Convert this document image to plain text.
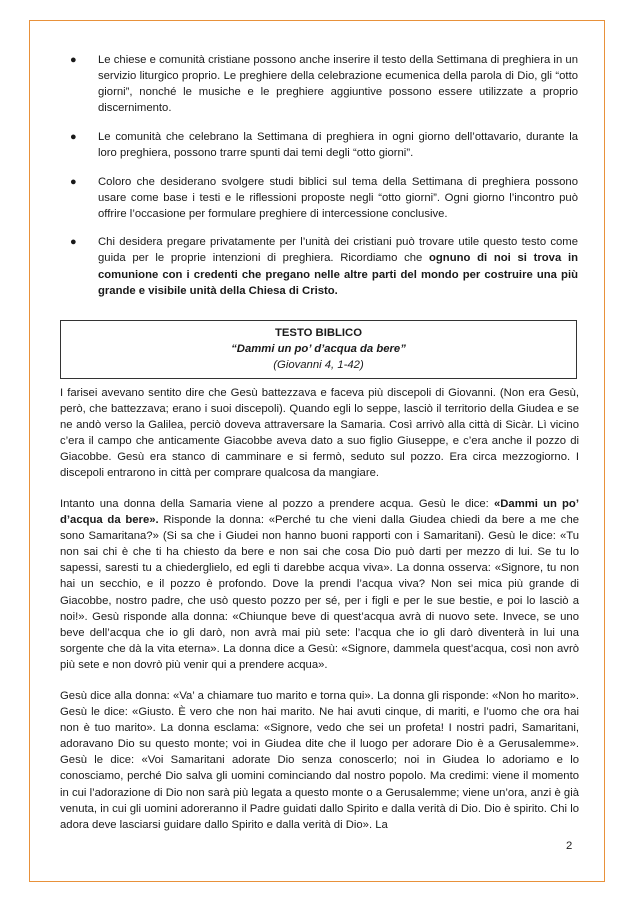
● Le chiese e comunità cristiane possono anche inserire il testo della Settimana di preghiera in un servizio liturgico proprio. Le preghiere della celebrazione ecumenica della parola di Dio, gli “otto giorni”, nonché le musiche e le preghiere aggiuntive possono essere utilizzate a proprio discernimento.
● Le comunità che celebrano la Settimana di preghiera in ogni giorno dell’ottavario, durante la loro preghiera, possono trarre spunti dai temi degli “otto giorni”.
● Coloro che desiderano svolgere studi biblici sul tema della Settimana di preghiera possono usare come base i testi e le riflessioni proposte negli “otto giorni”. Ogni giorno l’incontro può offrire l’occasione per formulare preghiere di intercessione conclusive.
● Chi desidera pregare privatamente per l’unità dei cristiani può trovare utile questo testo come guida per le proprie intenzioni di preghiera. Ricordiamo che ognuno di noi si trova in comunione con i credenti che pregano nelle altre parti del mondo per costruire una più grande e visibile unità della Chiesa di Cristo.
TESTO BIBLICO
“Dammi un po’ d’acqua da bere”
(Giovanni 4, 1-42)

I farisei avevano sentito dire che Gesù battezzava e faceva più discepoli di Giovanni. (Non era Gesù, però, che battezzava; erano i suoi discepoli). Quando egli lo seppe, lasciò il territorio della Giudea e se ne andò verso la Galilea, perciò doveva attraversare la Samaria. Così arrivò alla città di Sicàr. Lì vicino c’era il campo che anticamente Giacobbe aveva dato a suo figlio Giuseppe, e c’era anche il pozzo di Giacobbe. Gesù era stanco di camminare e si fermò, seduto sul pozzo. Era circa mezzogiorno. I discepoli entrarono in città per comprare qualcosa da mangiare.

Intanto una donna della Samaria viene al pozzo a prendere acqua. Gesù le dice: «Dammi un po’ d’acqua da bere». Risponde la donna: «Perché tu che vieni dalla Giudea chiedi da bere a me che sono Samaritana?» (Si sa che i Giudei non hanno buoni rapporti con i Samaritani). Gesù le dice: «Tu non sai chi è che ti ha chiesto da bere e non sai che cosa Dio può darti per mezzo di lui. Se tu lo sapessi, saresti tu a chiederglielo, ed egli ti darebbe acqua viva». La donna osserva: «Signore, tu non hai un secchio, e il pozzo è profondo. Dove la prendi l’acqua viva? Non sei mica più grande di Giacobbe, nostro padre, che usò questo pozzo per sé, per i figli e per le sue bestie, e poi lo lasciò a noi!». Gesù risponde alla donna: «Chiunque beve di quest’acqua avrà di nuovo sete. Invece, se uno beve dell’acqua che io gli darò, non avrà mai più sete: l’acqua che io gli darò diventerà in lui una sorgente che dà la vita eterna». La donna dice a Gesù: «Signore, dammela quest’acqua, così non avrò più sete e non dovrò più venir qui a prendere acqua».

Gesù dice alla donna: «Va’ a chiamare tuo marito e torna qui». La donna gli risponde: «Non ho marito». Gesù le dice: «Giusto. È vero che non hai marito. Ne hai avuti cinque, di mariti, e l’uomo che ora hai non è tuo marito». La donna esclama: «Signore, vedo che sei un profeta! I nostri padri, Samaritani, adoravano Dio su questo monte; voi in Giudea dite che il luogo per adorare Dio è a Gerusalemme». Gesù le dice: «Voi Samaritani adorate Dio senza conoscerlo; noi in Giudea lo adoriamo e lo conosciamo, perché Dio salva gli uomini cominciando dal nostro popolo. Ma credimi: viene il momento in cui l’adorazione di Dio non sarà più legata a questo monte o a Gerusalemme; viene un’ora, anzi è già venuta, in cui gli uomini adoreranno il Padre guidati dallo Spirito e dalla verità di Dio. Dio è spirito. Chi lo adora deve lasciarsi guidare dallo Spirito e dalla verità di Dio». La

2
